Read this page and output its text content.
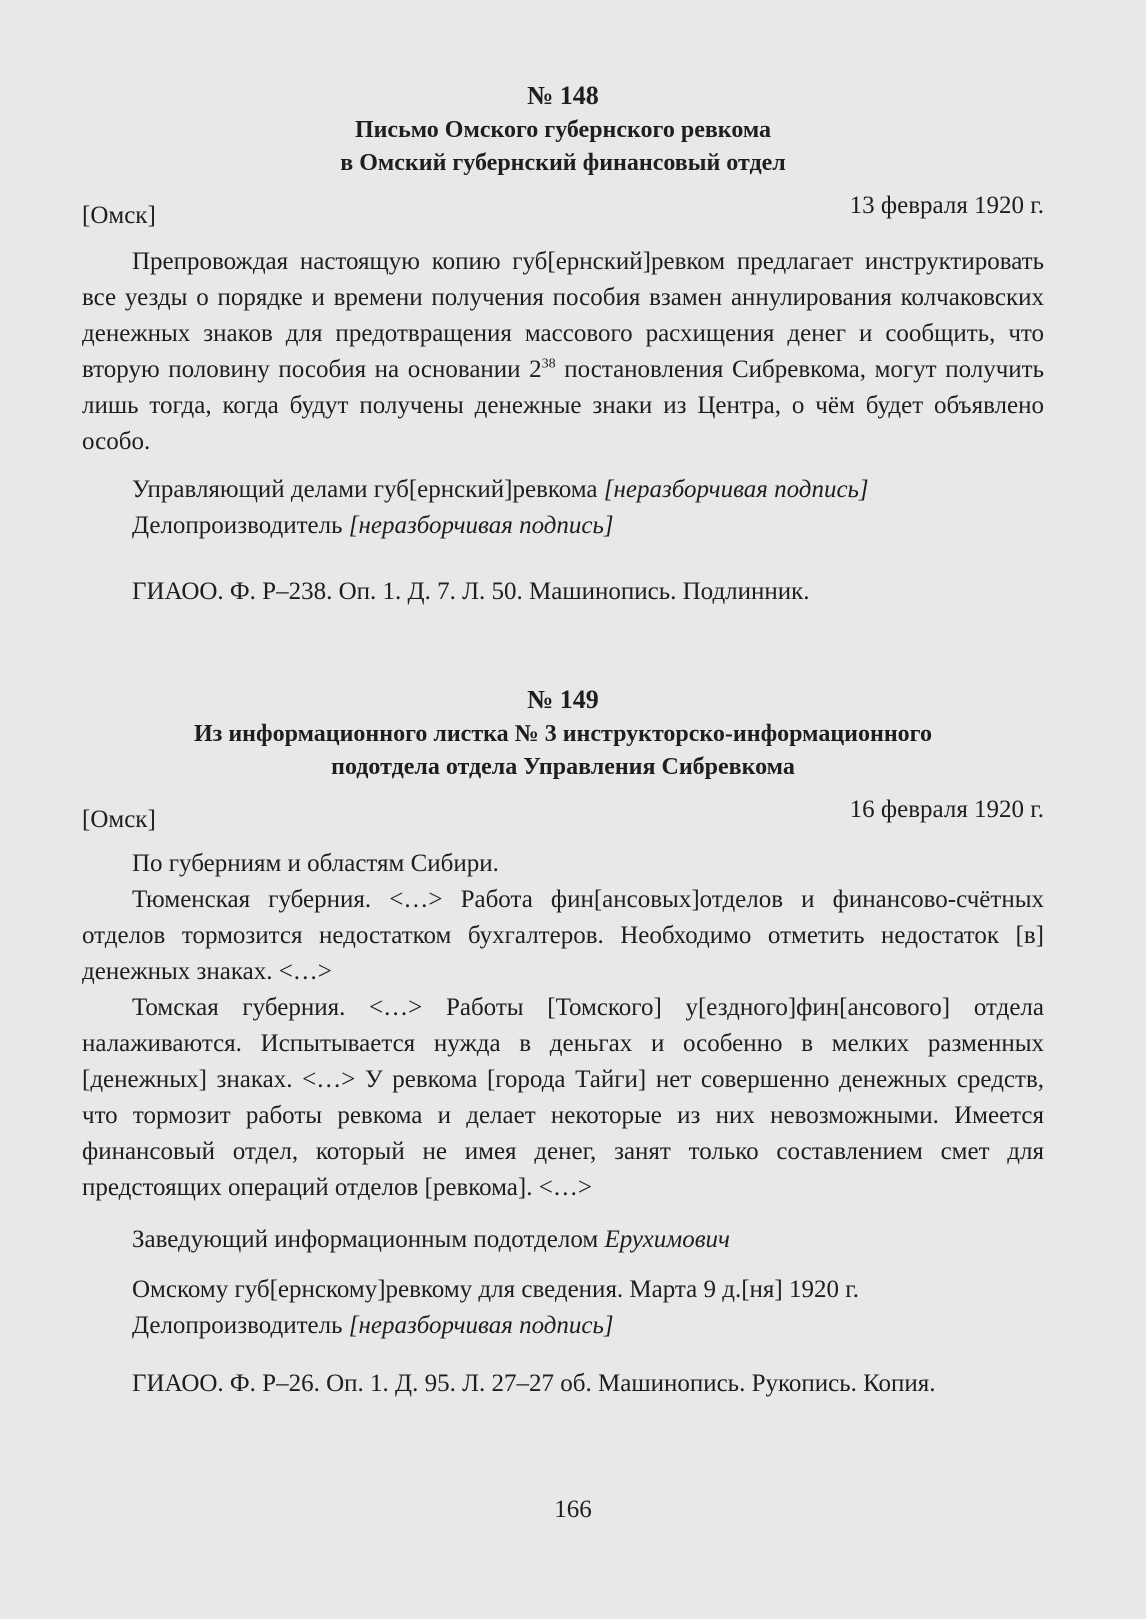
№ 148
Письмо Омского губернского ревкома
в Омский губернский финансовый отдел
[Омск]	13 февраля 1920 г.

Препровождая настоящую копию губ[ернский]ревком предлагает инструктировать все уезды о порядке и времени получения пособия взамен аннулирования колчаковских денежных знаков для предотвращения массового расхищения денег и сообщить, что вторую половину пособия на основании $2^{38}$ постановления Сибревкома, могут получить лишь тогда, когда будут получены денежные знаки из Центра, о чём будет объявлено особо.

Управляющий делами губ[ернский]ревкома [неразборчивая подпись]
Делопроизводитель [неразборчивая подпись]
ГИАОО. Ф. Р–238. Оп. 1. Д. 7. Л. 50. Машинопись. Подлинник.
№ 149
Из информационного листка № 3 инструкторско-информационного
подотдела отдела Управления Сибревкома
[Омск]	16 февраля 1920 г.

По губерниям и областям Сибири.

Тюменская губерния. <…> Работа фин[ансовых]отделов и финансово-счётных отделов тормозится недостатком бухгалтеров. Необходимо отметить недостаток [в] денежных знаках. <…>

Томская губерния. <…> Работы [Томского] у[ездного]фин[ансового] отдела налаживаются. Испытывается нужда в деньгах и особенно в мелких разменных [денежных] знаках. <…> У ревкома [города Тайги] нет совершенно денежных средств, что тормозит работы ревкома и делает некоторые из них невозможными. Имеется финансовый отдел, который не имея денег, занят только составлением смет для предстоящих операций отделов [ревкома]. <…>

Заведующий информационным подотделом Ерухимович
Омскому губ[ернскому]ревкому для сведения. Марта 9 д.[ня] 1920 г.
Делопроизводитель [неразборчивая подпись]
ГИАОО. Ф. Р–26. Оп. 1. Д. 95. Л. 27–27 об. Машинопись. Рукопись. Копия.
166
